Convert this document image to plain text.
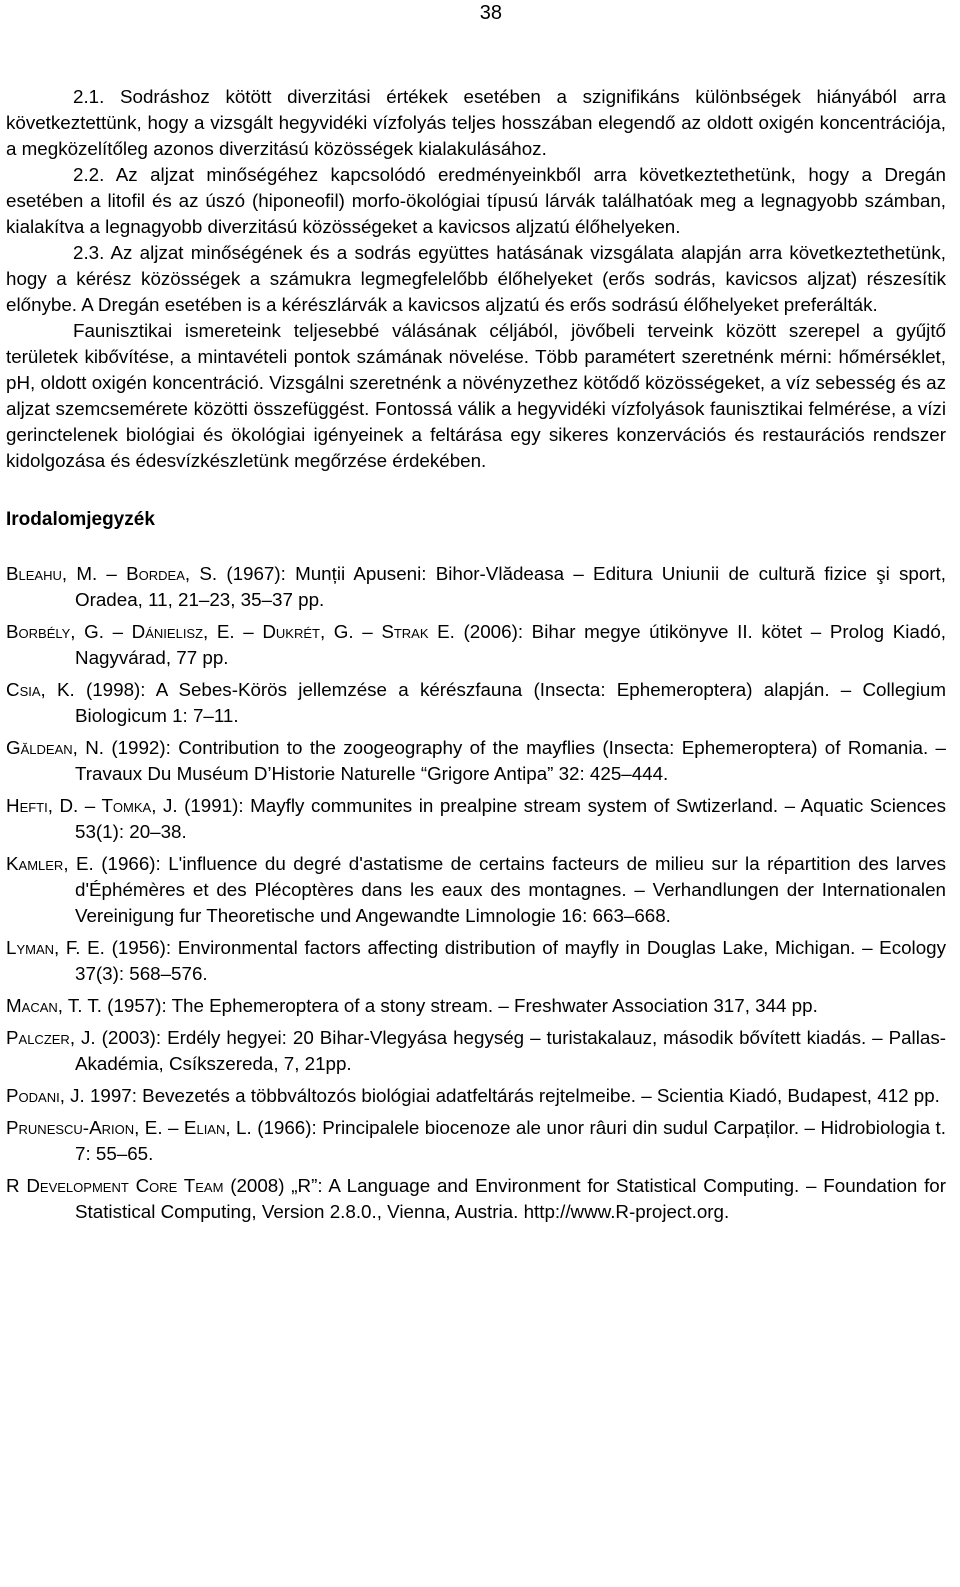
38

2.1. Sodráshoz kötött diverzitási értékek esetében a szignifikáns különbségek hiányából arra következtettünk, hogy a vizsgált hegyvidéki vízfolyás teljes hosszában elegendő az oldott oxigén koncentrációja, a megközelítőleg azonos diverzitású közösségek kialakulásához.

2.2. Az aljzat minőségéhez kapcsolódó eredményeinkből arra következtethetünk, hogy a Dregán esetében a litofil és az úszó (hiponeofil) morfo-ökológiai típusú lárvák találhatóak meg a legnagyobb számban, kialakítva a legnagyobb diverzitású közösségeket a kavicsos aljzatú élőhelyeken.

2.3. Az aljzat minőségének és a sodrás együttes hatásának vizsgálata alapján arra következtethetünk, hogy a kérész közösségek a számukra legmegfelelőbb élőhelyeket (erős sodrás, kavicsos aljzat) részesítik előnybe. A Dregán esetében is a kérészlárvák a kavicsos aljzatú és erős sodrású élőhelyeket preferálták.

Faunisztikai ismereteink teljesebbé válásának céljából, jövőbeli terveink között szerepel a gyűjtő területek kibővítése, a mintavételi pontok számának növelése. Több paramétert szeretnénk mérni: hőmérséklet, pH, oldott oxigén koncentráció. Vizsgálni szeretnénk a növényzethez kötődő közösségeket, a víz sebesség és az aljzat szemcsemérete közötti összefüggést. Fontossá válik a hegyvidéki vízfolyások faunisztikai felmérése, a vízi gerinctelenek biológiai és ökológiai igényeinek a feltárása egy sikeres konzervációs és restaurációs rendszer kidolgozása és édesvízkészletünk megőrzése érdekében.

Irodalomjegyzék

Bleahu, M. – Bordea, S. (1967): Munții Apuseni: Bihor-Vlădeasa – Editura Uniunii de cultură fizice şi sport, Oradea, 11, 21–23, 35–37 pp.

Borbély, G. – Dánielisz, E. – Dukrét, G. – Strak E. (2006): Bihar megye útikönyve II. kötet – Prolog Kiadó, Nagyvárad, 77 pp.

Csia, K. (1998): A Sebes-Körös jellemzése a kérészfauna (Insecta: Ephemeroptera) alapján. – Collegium Biologicum 1: 7–11.

Găldean, N. (1992): Contribution to the zoogeography of the mayflies (Insecta: Ephemeroptera) of Romania. – Travaux Du Muséum D’Historie Naturelle “Grigore Antipa” 32: 425–444.

Hefti, D. – Tomka, J. (1991): Mayfly communites in prealpine stream system of Swtizerland. – Aquatic Sciences 53(1): 20–38.

Kamler, E. (1966): L'influence du degré d'astatisme de certains facteurs de milieu sur la répartition des larves d'Éphémères et des Plécoptères dans les eaux des montagnes. – Verhandlungen der Internationalen Vereinigung fur Theoretische und Angewandte Limnologie 16: 663–668.

Lyman, F. E. (1956): Environmental factors affecting distribution of mayfly in Douglas Lake, Michigan. – Ecology 37(3): 568–576.

Macan, T. T. (1957): The Ephemeroptera of a stony stream. – Freshwater Association 317, 344 pp.

Palczer, J. (2003): Erdély hegyei: 20 Bihar-Vlegyása hegység – turistakalauz, második bővített kiadás. – Pallas-Akadémia, Csíkszereda, 7, 21pp.

Podani, J. 1997: Bevezetés a többváltozós biológiai adatfeltárás rejtelmeibe. – Scientia Kiadó, Budapest, 412 pp.

Prunescu-Arion, E. – Elian, L. (1966): Principalele biocenoze ale unor râuri din sudul Carpaților. – Hidrobiologia t. 7: 55–65.

R Development Core Team (2008) „R”: A Language and Environment for Statistical Computing. – Foundation for Statistical Computing, Version 2.8.0., Vienna, Austria. http://www.R-project.org.
